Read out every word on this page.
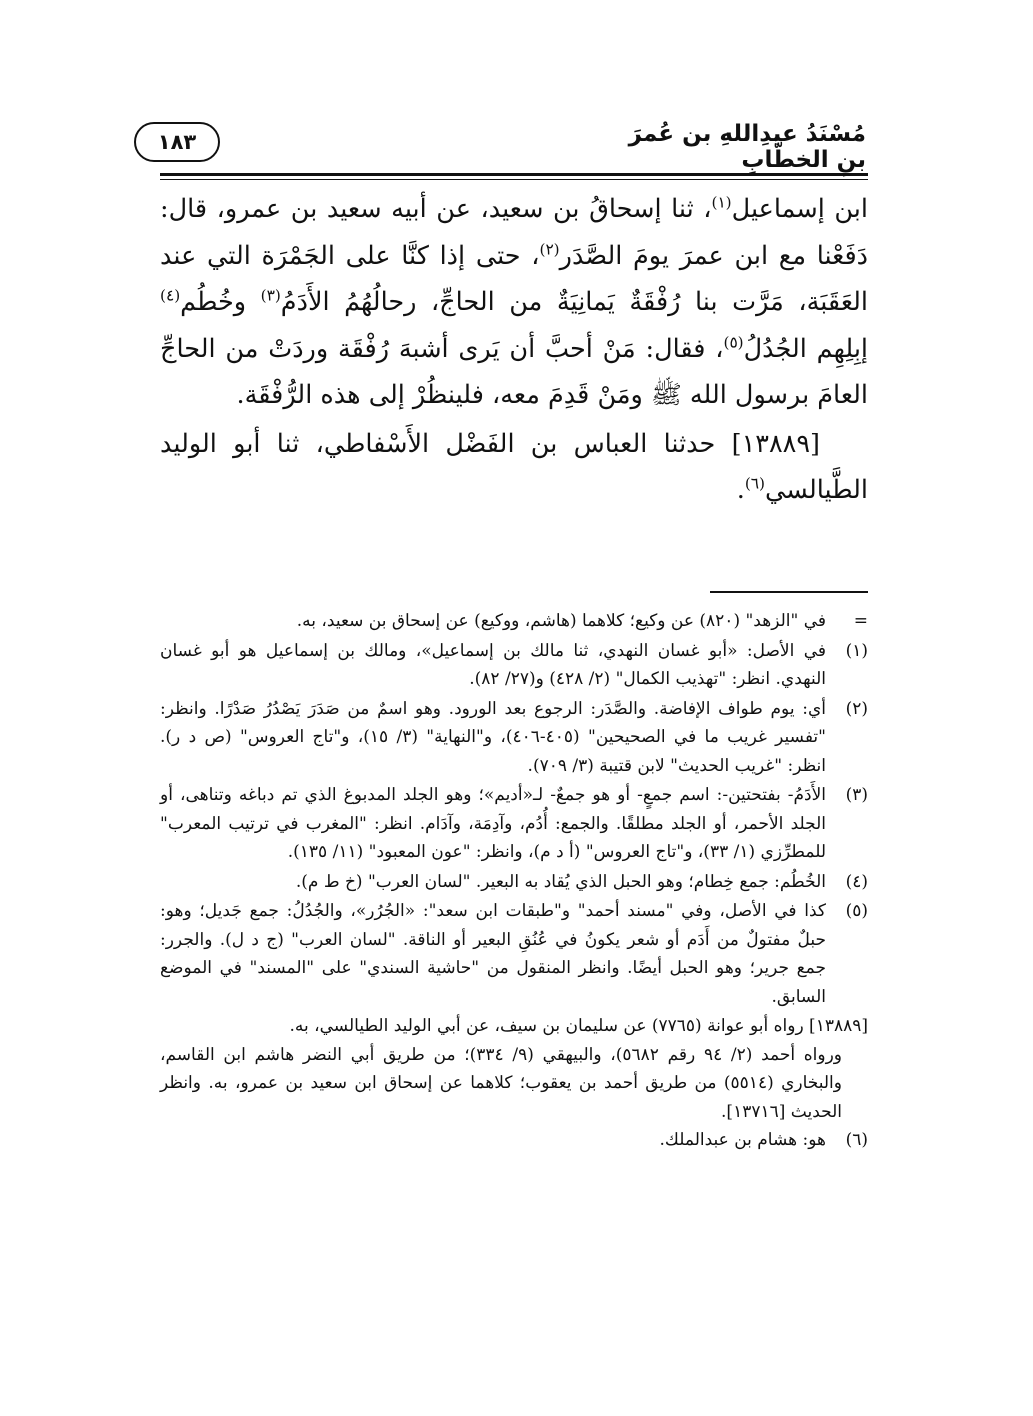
مُسْنَدُ عبدِاللهِ بن عُمرَ بنِ الخطَّابِ
١٨٣

ابن إسماعيل$^{(١)}$، ثنا إسحاقُ بن سعيد، عن أبيه سعيد بن عمرو، قال: دَفَعْنا مع ابن عمرَ يومَ الصَّدَر$^{(٢)}$، حتى إذا كنَّا على الجَمْرَة التي عند العَقَبَة، مَرَّت بنا رُفْقَةٌ يَمانِيَةٌ من الحاجِّ، رحالُهُمُ الأَدَمُ$^{(٣)}$ وخُطُم$^{(٤)}$ إبِلِهِم الجُدُلُ$^{(٥)}$، فقال: مَنْ أحبَّ أن يَرى أشبهَ رُفْقَة وردَتْ من الحاجِّ العامَ برسول الله ﷺ ومَنْ قَدِمَ معه، فلينظُرْ إلى هذه الرُّفْقَة.

[١٣٨٨٩] حدثنا العباس بن الفَضْل الأَسْفاطي، ثنا أبو الوليد الطَّيالسي$^{(٦)}$.

=
في "الزهد" (٨٢٠) عن وكيع؛ كلاهما (هاشم، ووكيع) عن إسحاق بن سعيد، به.
(١)
في الأصل: «أبو غسان النهدي، ثنا مالك بن إسماعيل»، ومالك بن إسماعيل هو أبو غسان النهدي. انظر: "تهذيب الكمال" (٢/ ٤٢٨) و(٢٧/ ٨٢).
(٢)
أي: يوم طواف الإفاضة. والصَّدَر: الرجوع بعد الورود. وهو اسمٌ من صَدَرَ يَصْدُرُ صَدْرًا. وانظر: "تفسير غريب ما في الصحيحين" (٤٠٥-٤٠٦)، و"النهاية" (٣/ ١٥)، و"تاج العروس" (ص د ر). انظر: "غريب الحديث" لابن قتيبة (٣/ ٧٠٩).
(٣)
الأَدَمُ- بفتحتين-: اسم جمعٍ- أو هو جمعٌ- لـ«أديم»؛ وهو الجلد المدبوغ الذي تم دباغه وتناهى، أو الجلد الأحمر، أو الجلد مطلقًا. والجمع: أُدُم، وآدِمَة، وآدَام. انظر: "المغرب في ترتيب المعرب" للمطرِّزي (١/ ٣٣)، و"تاج العروس" (أ د م)، وانظر: "عون المعبود" (١١/ ١٣٥).
(٤)
الخُطُم: جمع خِطام؛ وهو الحبل الذي يُقاد به البعير. "لسان العرب" (خ ط م).
(٥)
كذا في الأصل، وفي "مسند أحمد" و"طبقات ابن سعد": «الجُرُر»، والجُدُلُ: جمع جَديل؛ وهو: حبلٌ مفتولٌ من أَدَم أو شعر يكونُ في عُنُقِ البعير أو الناقة. "لسان العرب" (ج د ل). والجرر: جمع جرير؛ وهو الحبل أيضًا. وانظر المنقول من "حاشية السندي" على "المسند" في الموضع السابق.
[١٣٨٨٩] رواه أبو عوانة (٧٧٦٥) عن سليمان بن سيف، عن أبي الوليد الطيالسي، به.
ورواه أحمد (٢/ ٩٤ رقم ٥٦٨٢)، والبيهقي (٩/ ٣٣٤)؛ من طريق أبي النضر هاشم ابن القاسم، والبخاري (٥٥١٤) من طريق أحمد بن يعقوب؛ كلاهما عن إسحاق ابن سعيد بن عمرو، به. وانظر الحديث [١٣٧١٦].
(٦)
هو: هشام بن عبدالملك.
